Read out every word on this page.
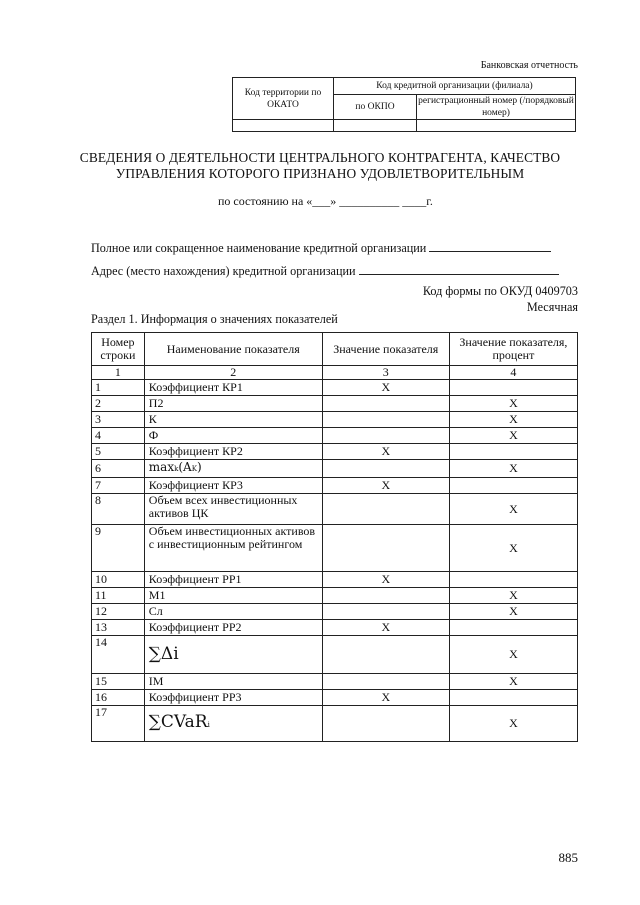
Банковская отчетность
Код территории по ОКАТО	Код кредитной организации (филиала)	
	по ОКПО	регистрационный номер (/порядковый номер)

СВЕДЕНИЯ О ДЕЯТЕЛЬНОСТИ ЦЕНТРАЛЬНОГО КОНТРАГЕНТА, КАЧЕСТВО
УПРАВЛЕНИЯ КОТОРОГО ПРИЗНАНО УДОВЛЕТВОРИТЕЛЬНЫМ
по состоянию на «___» __________ ____г.
Полное или сокращенное наименование кредитной организации
Адрес (место нахождения) кредитной организации
Код формы по ОКУД 0409703
Месячная
Раздел 1. Информация о значениях показателей
Номер строки	Наименование показателя	Значение показателя	Значение показателя, процент
1	2	3	4
1	Коэффициент КР1	X	
2	П2		X
3	К		X
4	Ф		X
5	Коэффициент КР2	X	
6	maxk(AK)		X
7	Коэффициент КР3	X	
8	Объем всех инвестиционных активов ЦК		X
9	Объем инвестиционных активов с инвестиционным рейтингом		X
10	Коэффициент РР1	X	
11	M1		X
12	Сл		X
13	Коэффициент РР2	X	
14	∑Δi		X
15	IM		X
16	Коэффициент РР3	X	
17	∑CVaRi		X
885
